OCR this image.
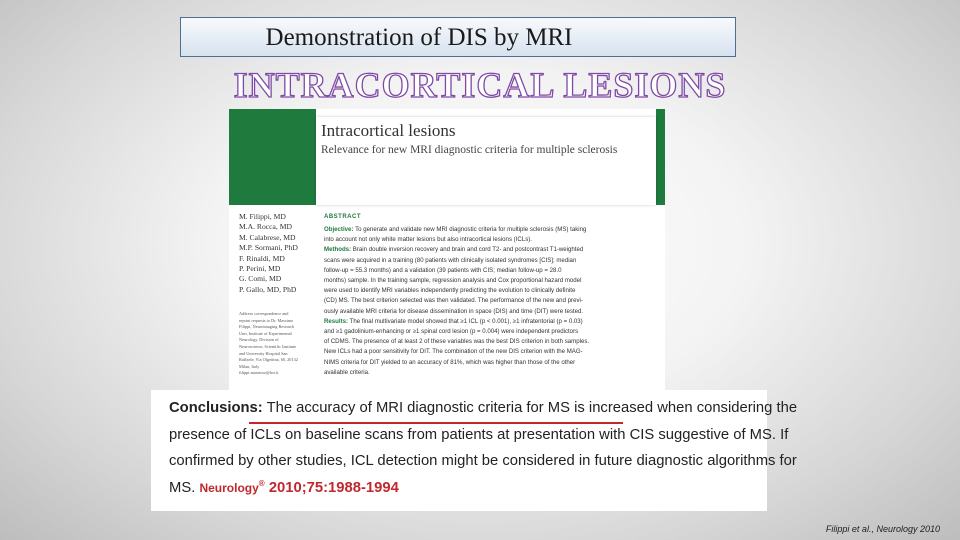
Demonstration of DIS by MRI
INTRACORTICAL LESIONS
Intracortical lesions
Relevance for new MRI diagnostic criteria for multiple sclerosis
M. Filippi, MD
M.A. Rocca, MD
M. Calabrese, MD
M.P. Sormani, PhD
F. Rinaldi, MD
P. Perini, MD
G. Comi, MD
P. Gallo, MD, PhD
Address correspondence and
reprint requests to Dr. Massimo
Filippi, Neuroimaging Research
Unit, Institute of Experimental
Neurology, Division of
Neuroscience, Scientific Institute
and University Hospital San
Raffaele, Via Olgettina, 60, 20132
Milan, Italy
filippi.massimo@hsr.it
ABSTRACT
Objective: To generate and validate new MRI diagnostic criteria for multiple sclerosis (MS) taking
into account not only white matter lesions but also intracortical lesions (ICLs).
Methods: Brain double inversion recovery and brain and cord T2- and postcontrast T1-weighted
scans were acquired in a training (80 patients with clinically isolated syndromes [CIS]; median
follow-up = 55.3 months) and a validation (39 patients with CIS; median follow-up = 28.0
months) sample. In the training sample, regression analysis and Cox proportional hazard model
were used to identify MRI variables independently predicting the evolution to clinically definite
(CD) MS. The best criterion selected was then validated. The performance of the new and previ-
ously available MRI criteria for disease dissemination in space (DIS) and time (DIT) were tested.
Results: The final multivariate model showed that ≥1 ICL (p < 0.001), ≥1 infratentorial (p = 0.03)
and ≥1 gadolinium-enhancing or ≥1 spinal cord lesion (p = 0.004) were independent predictors
of CDMS. The presence of at least 2 of these variables was the best DIS criterion in both samples.
New ICLs had a poor sensitivity for DIT. The combination of the new DIS criterion with the MAG-
NIMS criteria for DIT yielded to an accuracy of 81%, which was higher than those of the other
available criteria.
Conclusions: The accuracy of MRI diagnostic criteria for MS is increased when considering the
presence of ICLs on baseline scans from patients at presentation with CIS suggestive of MS. If
confirmed by other studies, ICL detection might be considered in future diagnostic algorithms for
MS. Neurology® 2010;75:1988-1994
Filippi et al., Neurology 2010
